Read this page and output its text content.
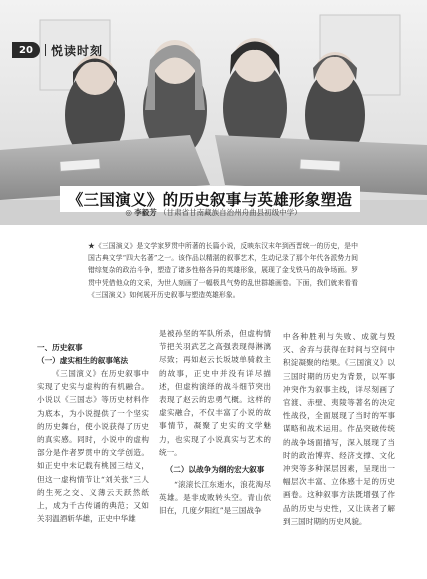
20	悦读时刻
《三国演义》的历史叙事与英雄形象塑造
◎ 李毅芳 （甘肃省甘南藏族自治州舟曲县初级中学）
★《三国演义》是文学家罗贯中所著的长篇小说，反映东汉末年到西晋统一的历史，是中国古典文学“四大名著”之一。该作品以精湛的叙事艺术，生动记录了那个年代各派势力间错综复杂的政治斗争，塑造了诸多性格各异的英雄形象，展现了金戈铁马的战争场面。罗贯中凭借他众的文采，为世人刻画了一幅极具气势的乱世群雄画卷。下面，我们就来看看《三国演义》如何展开历史叙事与塑造英雄形象。
一、历史叙事
（一）虚实相生的叙事笔法

《三国演义》在历史叙事中实现了史实与虚构的有机融合。小说以《三国志》等历史材料作为底本，为小说提供了一个坚实的历史舞台，使小说获得了历史的真实感。同时，小说中的虚构部分是作者罗贯中的文学创造。如正史中未记载有桃园三结义，但这一虚构情节让“刘关张”三人的生死之交、义薄云天跃然纸上，成为千古传诵的典范；又如关羽温酒斩华雄，正史中华雄

是被孙坚的军队所杀，但虚构情节把关羽武艺之高强表现得淋漓尽致；再如赵云长坂坡单骑救主的故事，正史中并没有详尽描述，但虚构演绎的战斗细节突出表现了赵云的忠勇气概。这样的虚实融合，不仅丰富了小说的故事情节，凝聚了史实的文学魅力，也实现了小说真实与艺术的统一。

（二）以战争为纲的宏大叙事

“滚滚长江东逝水，浪花淘尽英雄。是非成败转头空。青山依旧在，几度夕阳红”是三国战争

中各种胜利与失败、成就与毁灭、舍弃与获得在时间与空间中积淀凝聚的结果。《三国演义》以三国时期的历史为背景，以军事冲突作为叙事主线，详尽刻画了官渡、赤壁、夷陵等著名的决定性战役，全面展现了当时的军事谋略和战术运用。作品突破传统的战争场面描写，深入展现了当时的政治博弈、经济支撑、文化冲突等多种深层因素，呈现出一幅层次丰富、立体感十足的历史画卷。这种叙事方法既增强了作品的历史与史性，又让读者了解到三国时期的历史风貌。
